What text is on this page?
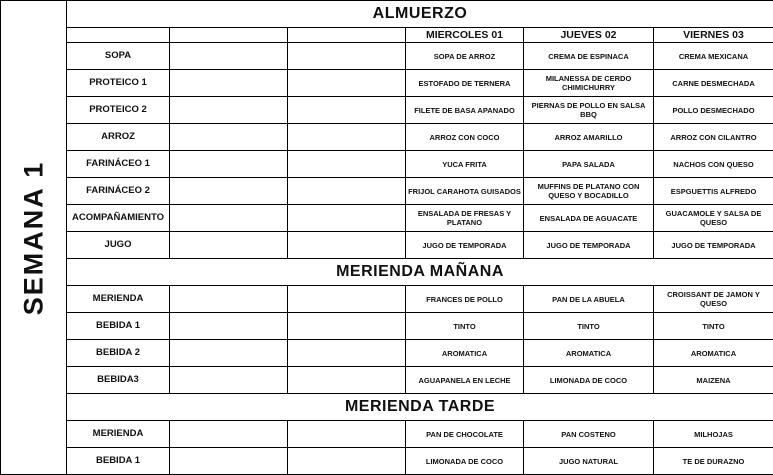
SEMANA 1
ALMUERZO					
			MIERCOLES 01	JUEVES 02	VIERNES 03
SOPA			SOPA DE ARROZ	CREMA DE ESPINACA	CREMA MEXICANA
PROTEICO 1			ESTOFADO DE TERNERA	MILANESSA DE CERDO CHIMICHURRY	CARNE DESMECHADA
PROTEICO 2			FILETE DE BASA APANADO	PIERNAS DE POLLO EN SALSA BBQ	POLLO DESMECHADO
ARROZ			ARROZ CON COCO	ARROZ AMARILLO	ARROZ CON CILANTRO
FARINÁCEO 1			YUCA FRITA	PAPA SALADA	NACHOS CON QUESO
FARINÁCEO 2			FRIJOL CARAHOTA GUISADOS	MUFFINS DE PLATANO CON QUESO Y BOCADILLO	ESPGUETTIS ALFREDO
ACOMPAÑAMIENTO			ENSALADA DE FRESAS Y PLATANO	ENSALADA DE AGUACATE	GUACAMOLE Y SALSA DE QUESO
JUGO			JUGO DE TEMPORADA	JUGO DE TEMPORADA	JUGO DE TEMPORADA
MERIENDA MAÑANA					
MERIENDA			FRANCES DE POLLO	PAN DE LA ABUELA	CROISSANT DE JAMON Y QUESO
BEBIDA 1			TINTO	TINTO	TINTO
BEBIDA 2			AROMATICA	AROMATICA	AROMATICA
BEBIDA3			AGUAPANELA EN LECHE	LIMONADA DE COCO	MAIZENA
MERIENDA TARDE					
MERIENDA			PAN DE CHOCOLATE	PAN COSTENO	MILHOJAS
BEBIDA 1			LIMONADA DE COCO	JUGO NATURAL	TE DE DURAZNO
